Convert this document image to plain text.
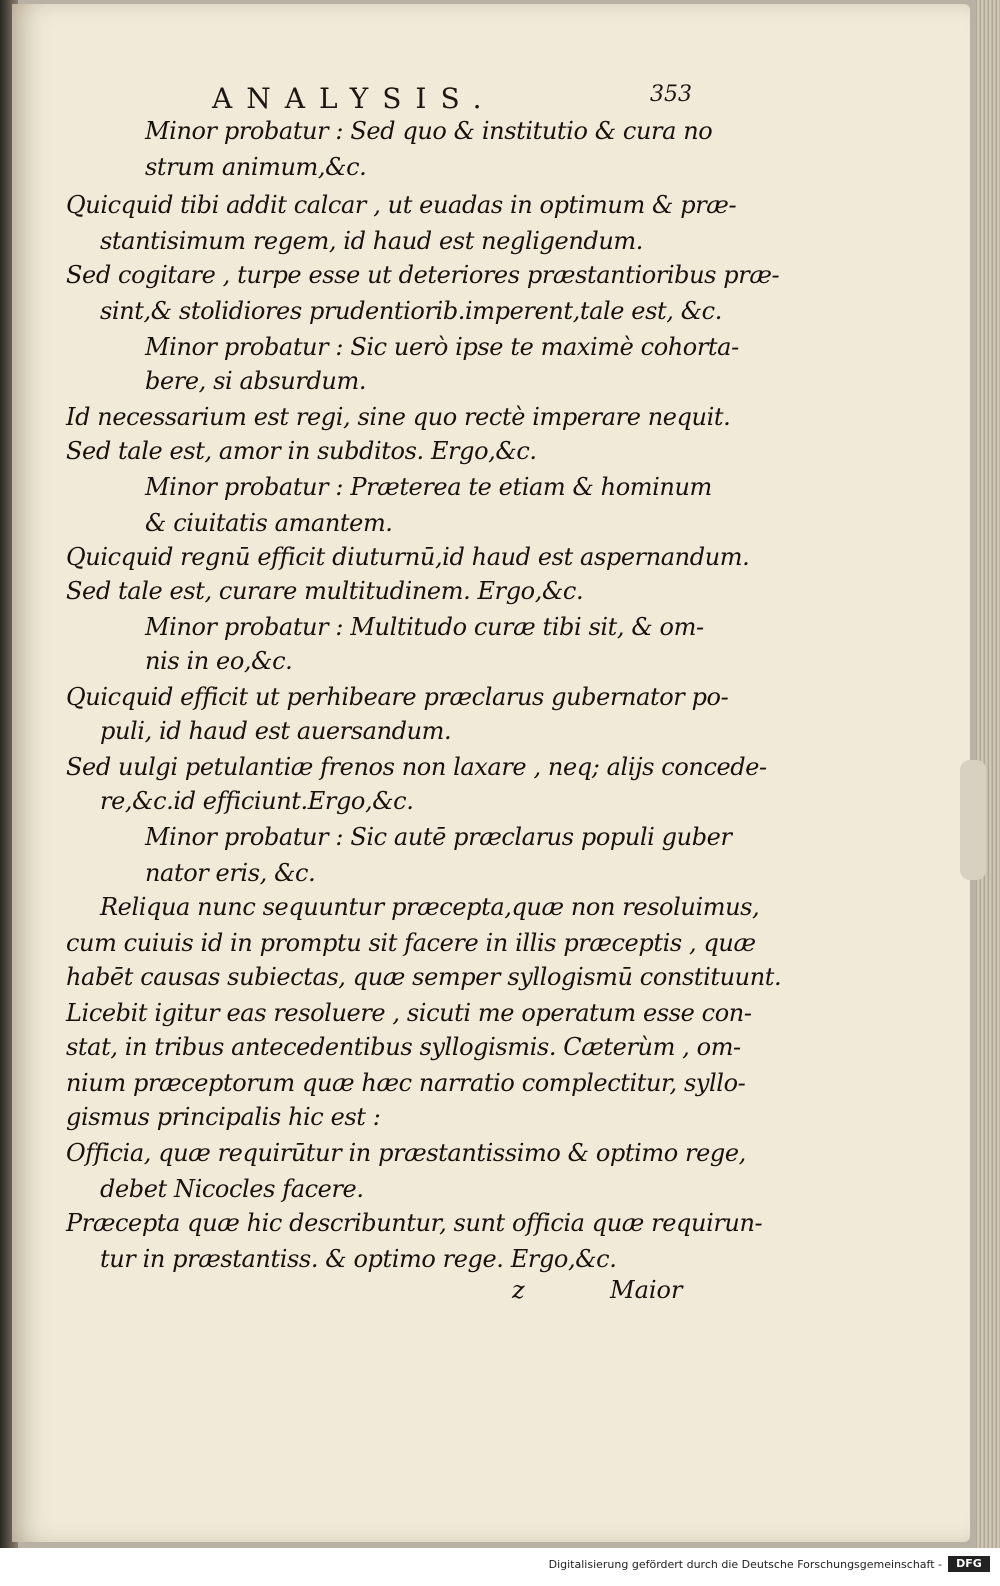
ANALYSIS.	353
Minor probatur : Sed quo & institutio & cura no
strum animum,&c.
Quicquid tibi addit calcar , ut euadas in optimum & præ-
stantisimum regem, id haud est negligendum.
Sed cogitare , turpe esse ut deteriores præstantioribus præ-
sint,& stolidiores prudentiorib.imperent,tale est, &c.
Minor probatur : Sic uerò ipse te maximè cohorta-
bere, si absurdum.
Id necessarium est regi, sine quo rectè imperare nequit.
Sed tale est, amor in subditos. Ergo,&c.
Minor probatur : Præterea te etiam & hominum
& ciuitatis amantem.
Quicquid regnū efficit diuturnū,id haud est aspernandum.
Sed tale est, curare multitudinem. Ergo,&c.
Minor probatur : Multitudo curæ tibi sit, & om-
nis in eo,&c.
Quicquid efficit ut perhibeare præclarus gubernator po-
puli, id haud est auersandum.
Sed uulgi petulantiæ frenos non laxare , neq; alijs concede-
re,&c.id efficiunt.Ergo,&c.
Minor probatur : Sic autē præclarus populi guber
nator eris, &c.
Reliqua nunc sequuntur præcepta,quæ non resoluimus,
cum cuiuis id in promptu sit facere in illis præceptis , quæ
habēt causas subiectas, quæ semper syllogismū constituunt.
Licebit igitur eas resoluere , sicuti me operatum esse con-
stat, in tribus antecedentibus syllogismis. Cæterùm , om-
nium præceptorum quæ hæc narratio complectitur, syllo-
gismus principalis hic est :
Officia, quæ requirūtur in præstantissimo & optimo rege,
debet Nicocles facere.
Præcepta quæ hic describuntur, sunt officia quæ requirun-
tur in præstantiss. & optimo rege. Ergo,&c.
z	Maior
Digitalisierung gefördert durch die Deutsche Forschungsgemeinschaft -	DFG
